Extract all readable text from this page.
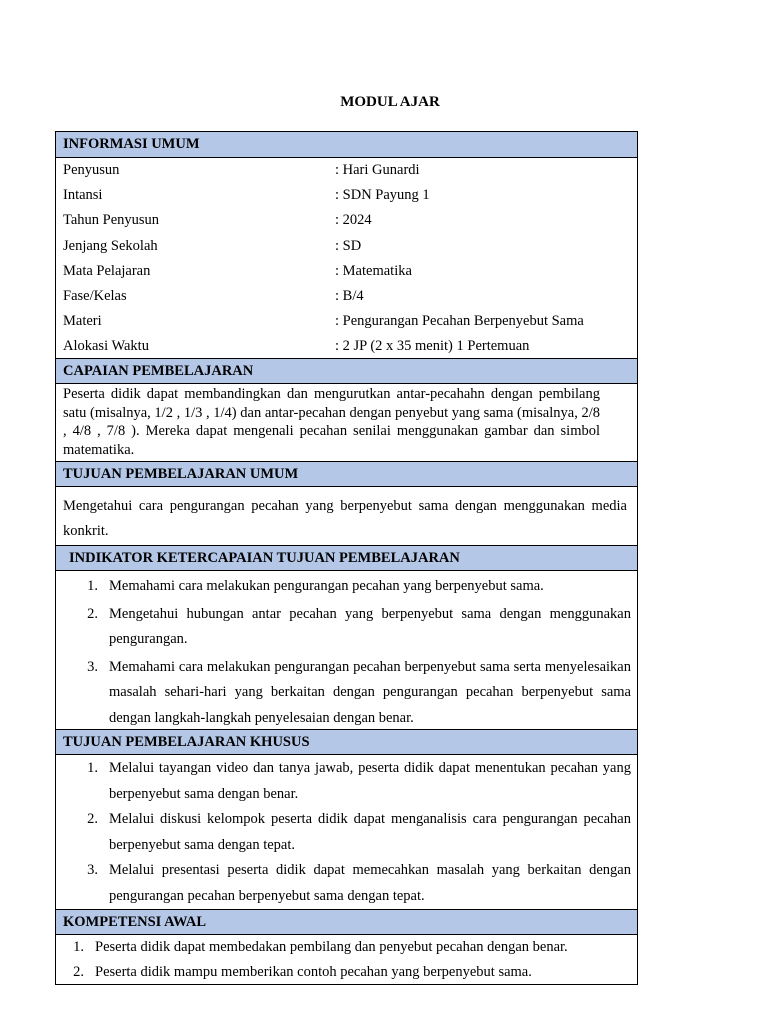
MODUL AJAR
INFORMASI UMUM
Penyusun	: Hari Gunardi
Intansi	: SDN Payung 1
Tahun Penyusun	: 2024
Jenjang Sekolah	: SD
Mata Pelajaran	: Matematika
Fase/Kelas	: B/4
Materi	: Pengurangan Pecahan Berpenyebut Sama
Alokasi Waktu	: 2 JP (2 x 35 menit) 1 Pertemuan
CAPAIAN PEMBELAJARAN

Peserta didik dapat membandingkan dan mengurutkan antar-pecahahn dengan pembilang satu (misalnya, 1/2 , 1/3 , 1/4) dan antar-pecahan dengan penyebut yang sama (misalnya, 2/8 , 4/8 , 7/8 ). Mereka dapat mengenali pecahan senilai menggunakan gambar dan simbol matematika.

TUJUAN PEMBELAJARAN UMUM

Mengetahui cara pengurangan pecahan yang berpenyebut sama dengan menggunakan media konkrit.

INDIKATOR KETERCAPAIAN TUJUAN PEMBELAJARAN
1. Memahami cara melakukan pengurangan pecahan yang berpenyebut sama.
2. Mengetahui hubungan antar pecahan yang berpenyebut sama dengan menggunakan pengurangan.
3. Memahami cara melakukan pengurangan pecahan berpenyebut sama serta menyelesaikan masalah sehari-hari yang berkaitan dengan pengurangan pecahan berpenyebut sama dengan langkah-langkah penyelesaian dengan benar.
TUJUAN PEMBELAJARAN KHUSUS
1. Melalui tayangan video dan tanya jawab, peserta didik dapat menentukan pecahan yang berpenyebut sama dengan benar.
2. Melalui diskusi kelompok peserta didik dapat menganalisis cara pengurangan pecahan berpenyebut sama dengan tepat.
3. Melalui presentasi peserta didik dapat memecahkan masalah yang berkaitan dengan pengurangan pecahan berpenyebut sama dengan tepat.
KOMPETENSI AWAL
1. Peserta didik dapat membedakan pembilang dan penyebut pecahan dengan benar.
2. Peserta didik mampu memberikan contoh pecahan yang berpenyebut sama.
